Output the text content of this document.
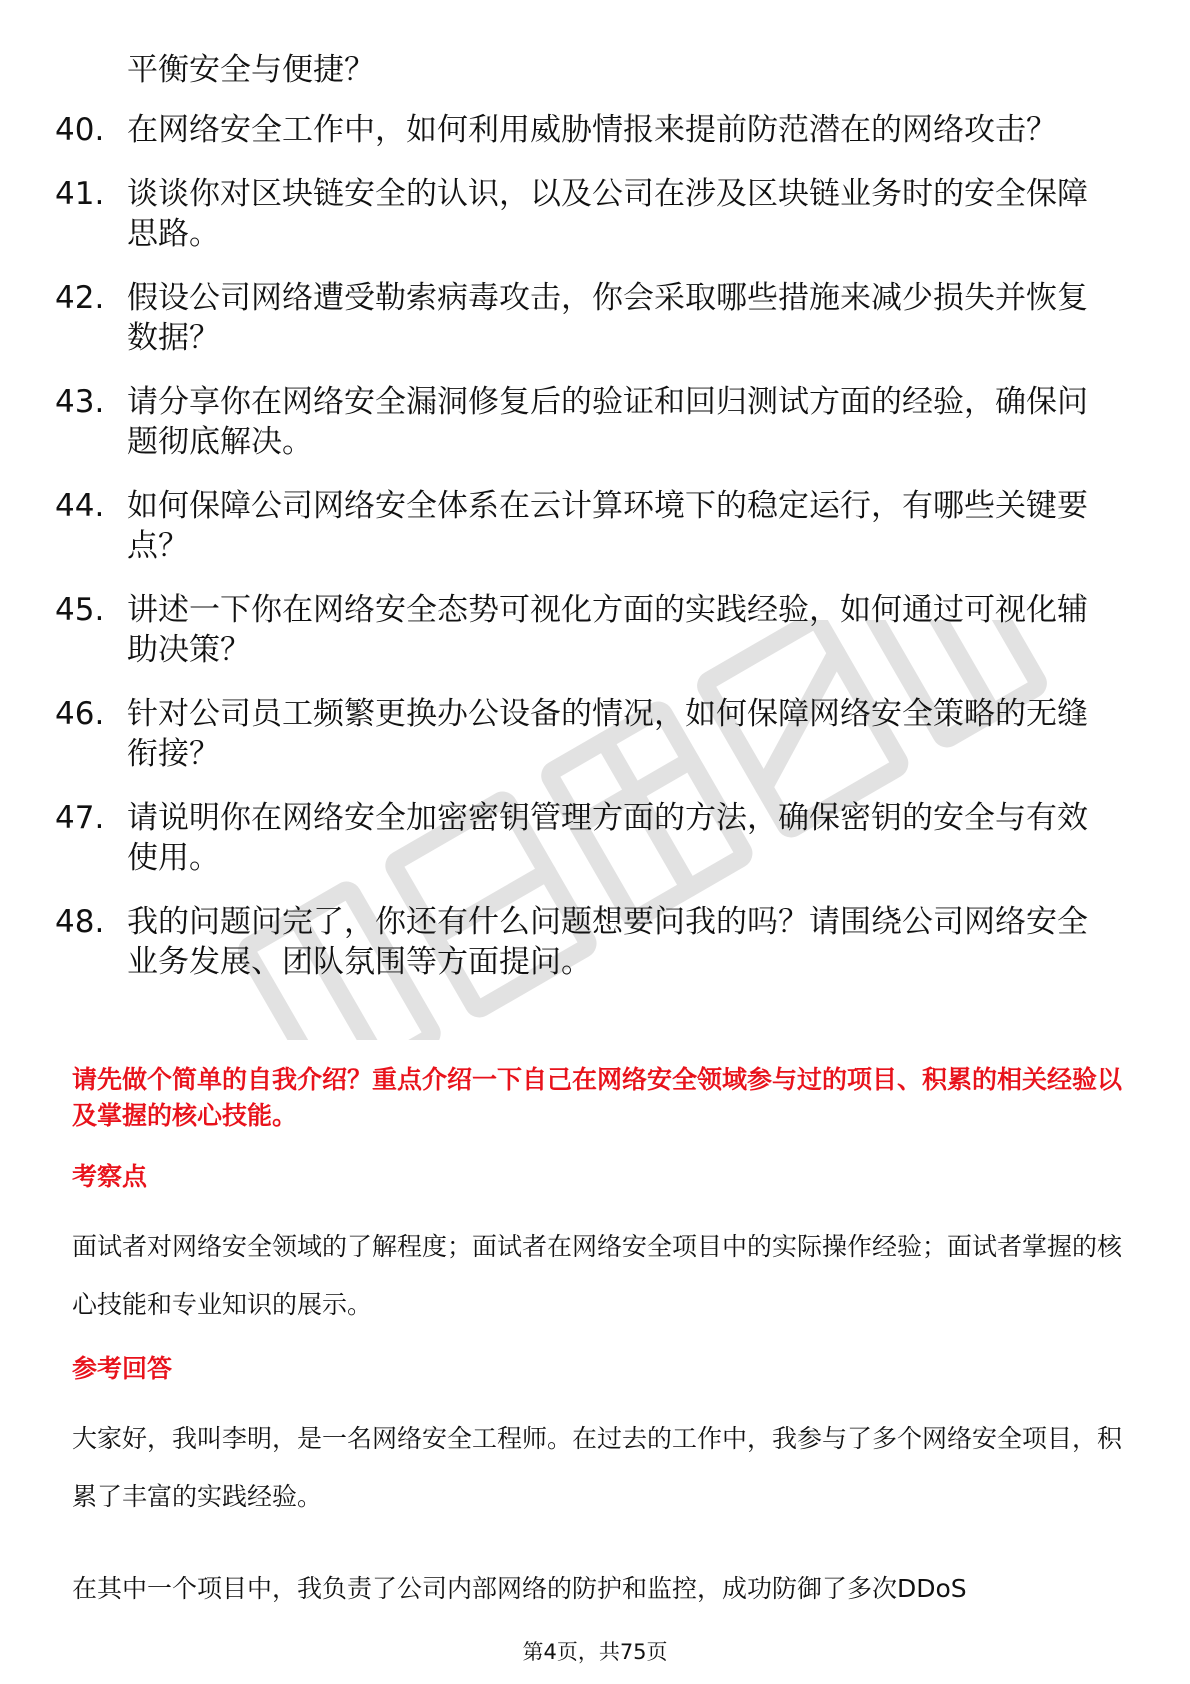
平衡安全与便捷？
40. 在网络安全工作中，如何利用威胁情报来提前防范潜在的网络攻击？
41. 谈谈你对区块链安全的认识，以及公司在涉及区块链业务时的安全保障思路。
42. 假设公司网络遭受勒索病毒攻击，你会采取哪些措施来减少损失并恢复数据？
43. 请分享你在网络安全漏洞修复后的验证和回归测试方面的经验，确保问题彻底解决。
44. 如何保障公司网络安全体系在云计算环境下的稳定运行，有哪些关键要点？
45. 讲述一下你在网络安全态势可视化方面的实践经验，如何通过可视化辅助决策？
46. 针对公司员工频繁更换办公设备的情况，如何保障网络安全策略的无缝衔接？
47. 请说明你在网络安全加密密钥管理方面的方法，确保密钥的安全与有效使用。
48. 我的问题问完了，你还有什么问题想要问我的吗？请围绕公司网络安全业务发展、团队氛围等方面提问。
请先做个简单的自我介绍？重点介绍一下自己在网络安全领域参与过的项目、积累的相关经验以及掌握的核心技能。
考察点
面试者对网络安全领域的了解程度；面试者在网络安全项目中的实际操作经验；面试者掌握的核心技能和专业知识的展示。
参考回答
大家好，我叫李明，是一名网络安全工程师。在过去的工作中，我参与了多个网络安全项目，积累了丰富的实践经验。
在其中一个项目中，我负责了公司内部网络的防护和监控，成功防御了多次DDoS
第4页，共75页
